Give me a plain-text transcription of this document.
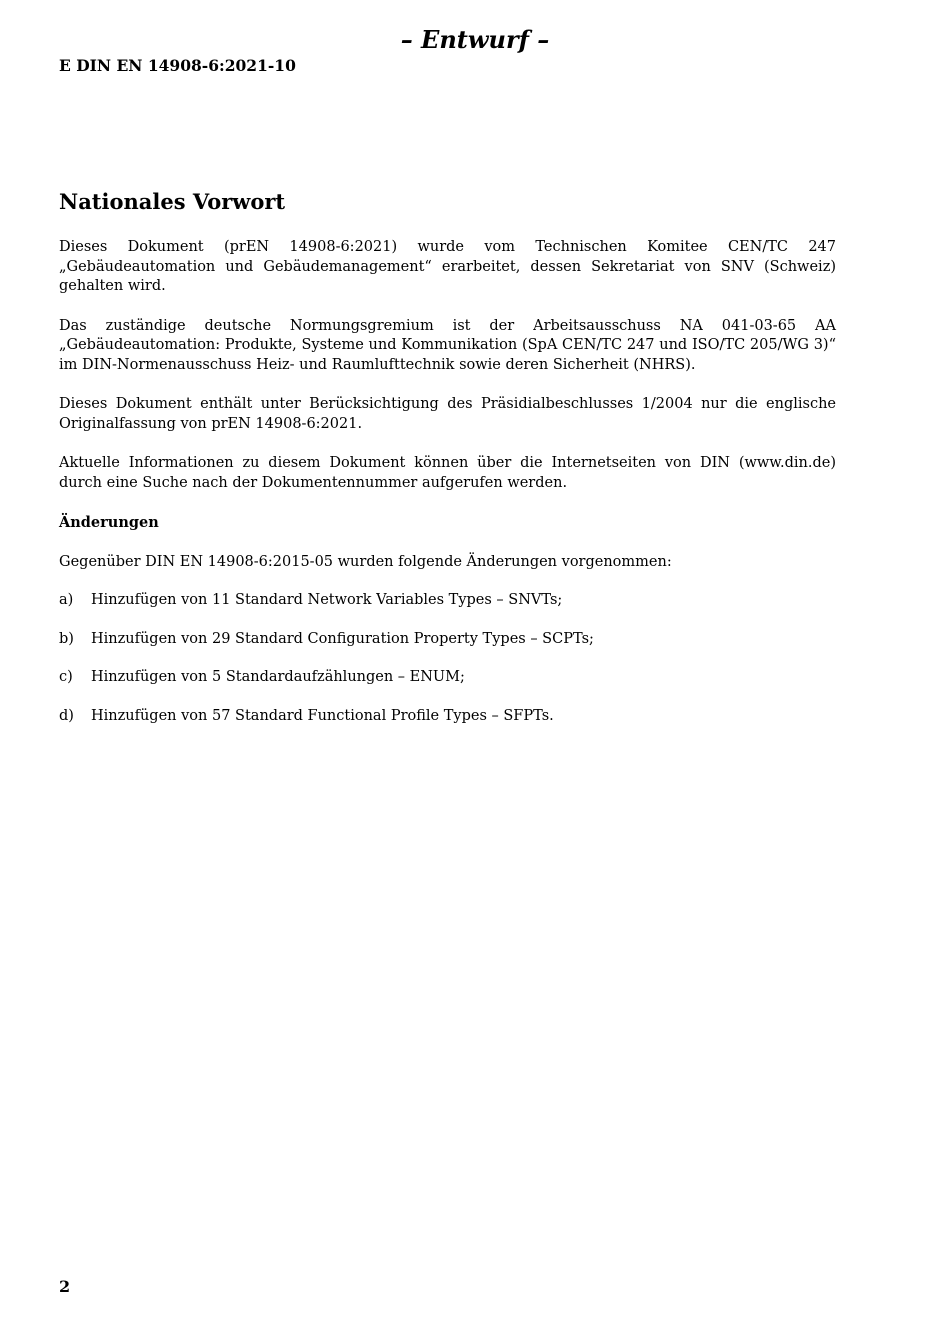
– Entwurf –
E DIN EN 14908-6:2021-10
Nationales Vorwort

Dieses Dokument (prEN 14908-6:2021) wurde vom Technischen Komitee CEN/TC 247 „Gebäudeautomation und Gebäudemanagement“ erarbeitet, dessen Sekretariat von SNV (Schweiz) gehalten wird.

Das zuständige deutsche Normungsgremium ist der Arbeitsausschuss NA 041-03-65 AA „Gebäudeautomation: Produkte, Systeme und Kommunikation (SpA CEN/TC 247 und ISO/TC 205/WG 3)“ im DIN-Normenausschuss Heiz- und Raumlufttechnik sowie deren Sicherheit (NHRS).

Dieses Dokument enthält unter Berücksichtigung des Präsidialbeschlusses 1/2004 nur die englische Originalfassung von prEN 14908-6:2021.

Aktuelle Informationen zu diesem Dokument können über die Internetseiten von DIN (www.din.de) durch eine Suche nach der Dokumentennummer aufgerufen werden.

Änderungen

Gegenüber DIN EN 14908-6:2015-05 wurden folgende Änderungen vorgenommen:

a)	Hinzufügen von 11 Standard Network Variables Types – SNVTs;
b)	Hinzufügen von 29 Standard Configuration Property Types – SCPTs;
c)	Hinzufügen von 5 Standardaufzählungen – ENUM;
d)	Hinzufügen von 57 Standard Functional Profile Types – SFPTs.
2
